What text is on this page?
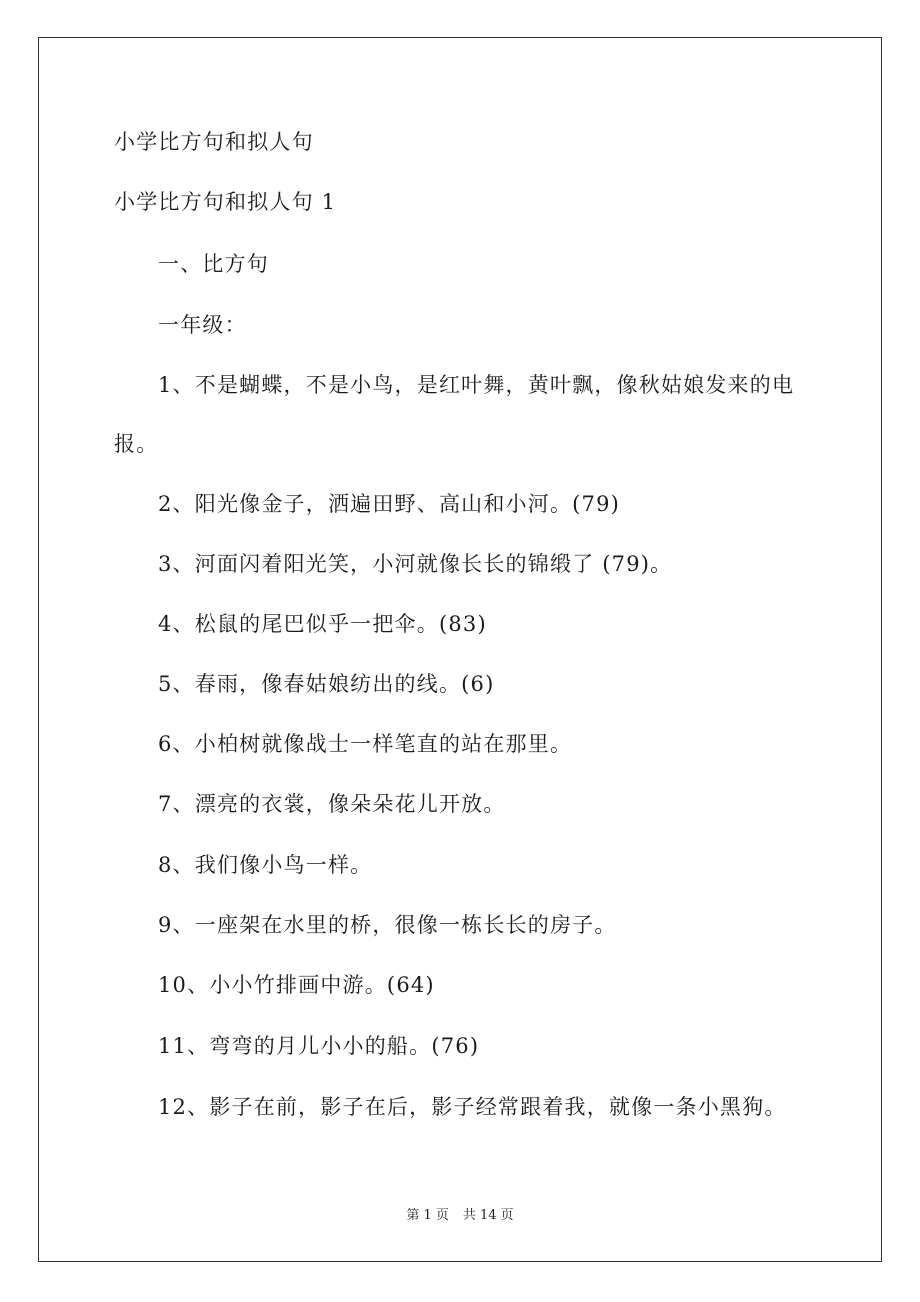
小学比方句和拟人句
小学比方句和拟人句 1
一、比方句
一年级：
1、不是蝴蝶，不是小鸟，是红叶舞，黄叶飘，像秋姑娘发来的电
报。
2、阳光像金子，洒遍田野、高山和小河。(79)
3、河面闪着阳光笑，小河就像长长的锦缎了 (79)。
4、松鼠的尾巴似乎一把伞。(83)
5、春雨，像春姑娘纺出的线。(6)
6、小柏树就像战士一样笔直的站在那里。
7、漂亮的衣裳，像朵朵花儿开放。
8、我们像小鸟一样。
9、一座架在水里的桥，很像一栋长长的房子。
10、小小竹排画中游。(64)
11、弯弯的月儿小小的船。(76)
12、影子在前，影子在后，影子经常跟着我，就像一条小黑狗。
第 1 页 共 14 页
